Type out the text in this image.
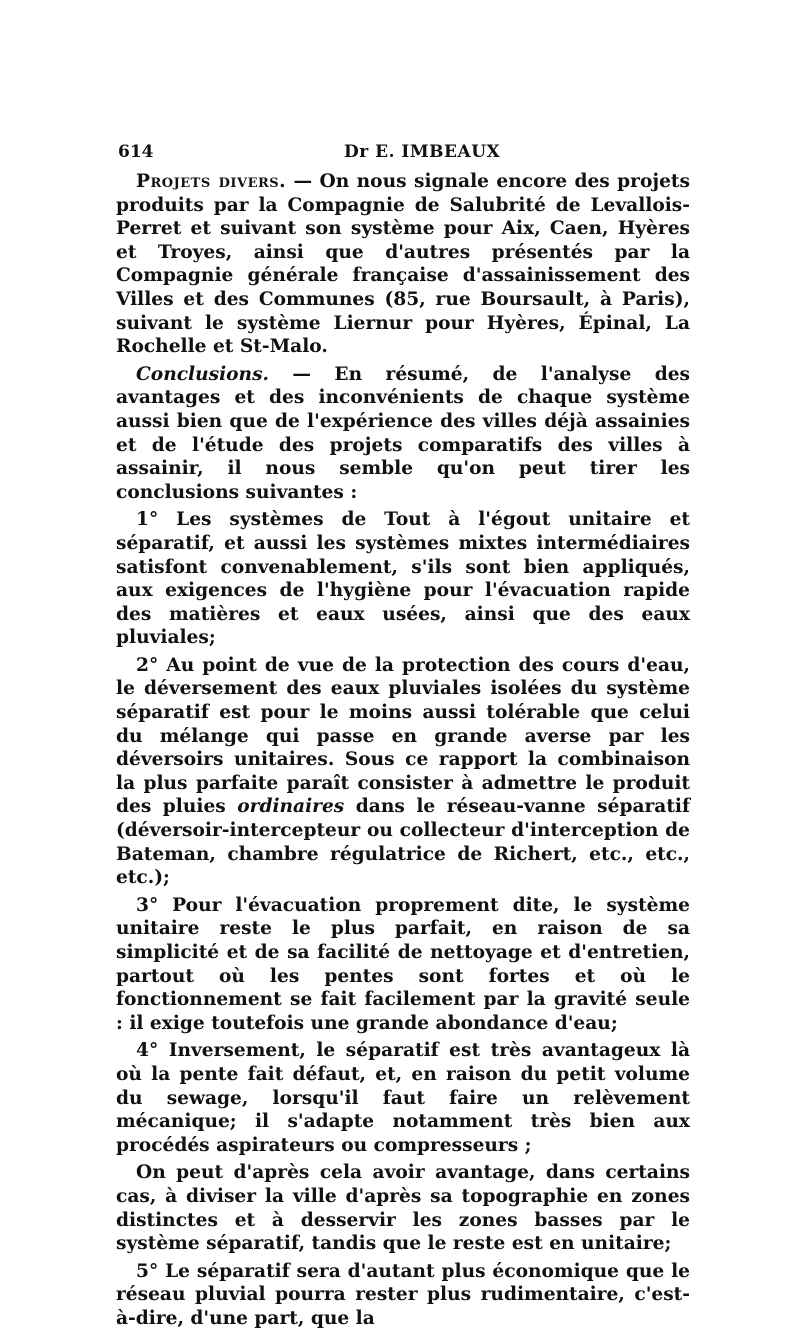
614	Dr E. IMBEAUX

Projets divers. — On nous signale encore des projets produits par la Compagnie de Salubrité de Levallois-Perret et suivant son système pour Aix, Caen, Hyères et Troyes, ainsi que d'autres présentés par la Compagnie générale française d'assainissement des Villes et des Communes (85, rue Boursault, à Paris), suivant le système Liernur pour Hyères, Épinal, La Rochelle et St-Malo.

Conclusions. — En résumé, de l'analyse des avantages et des inconvénients de chaque système aussi bien que de l'expérience des villes déjà assainies et de l'étude des projets comparatifs des villes à assainir, il nous semble qu'on peut tirer les conclusions suivantes :

1° Les systèmes de Tout à l'égout unitaire et séparatif, et aussi les systèmes mixtes intermédiaires satisfont convenablement, s'ils sont bien appliqués, aux exigences de l'hygiène pour l'évacuation rapide des matières et eaux usées, ainsi que des eaux pluviales;

2° Au point de vue de la protection des cours d'eau, le déversement des eaux pluviales isolées du système séparatif est pour le moins aussi tolérable que celui du mélange qui passe en grande averse par les déversoirs unitaires. Sous ce rapport la combinaison la plus parfaite paraît consister à admettre le produit des pluies ordinaires dans le réseau-vanne séparatif (déversoir-intercepteur ou collecteur d'interception de Bateman, chambre régulatrice de Richert, etc., etc., etc.);

3° Pour l'évacuation proprement dite, le système unitaire reste le plus parfait, en raison de sa simplicité et de sa facilité de nettoyage et d'entretien, partout où les pentes sont fortes et où le fonctionnement se fait facilement par la gravité seule : il exige toutefois une grande abondance d'eau;

4° Inversement, le séparatif est très avantageux là où la pente fait défaut, et, en raison du petit volume du sewage, lorsqu'il faut faire un relèvement mécanique; il s'adapte notamment très bien aux procédés aspirateurs ou compresseurs ;

On peut d'après cela avoir avantage, dans certains cas, à diviser la ville d'après sa topographie en zones distinctes et à desservir les zones basses par le système séparatif, tandis que le reste est en unitaire;

5° Le séparatif sera d'autant plus économique que le réseau pluvial pourra rester plus rudimentaire, c'est-à-dire, d'une part, que la
